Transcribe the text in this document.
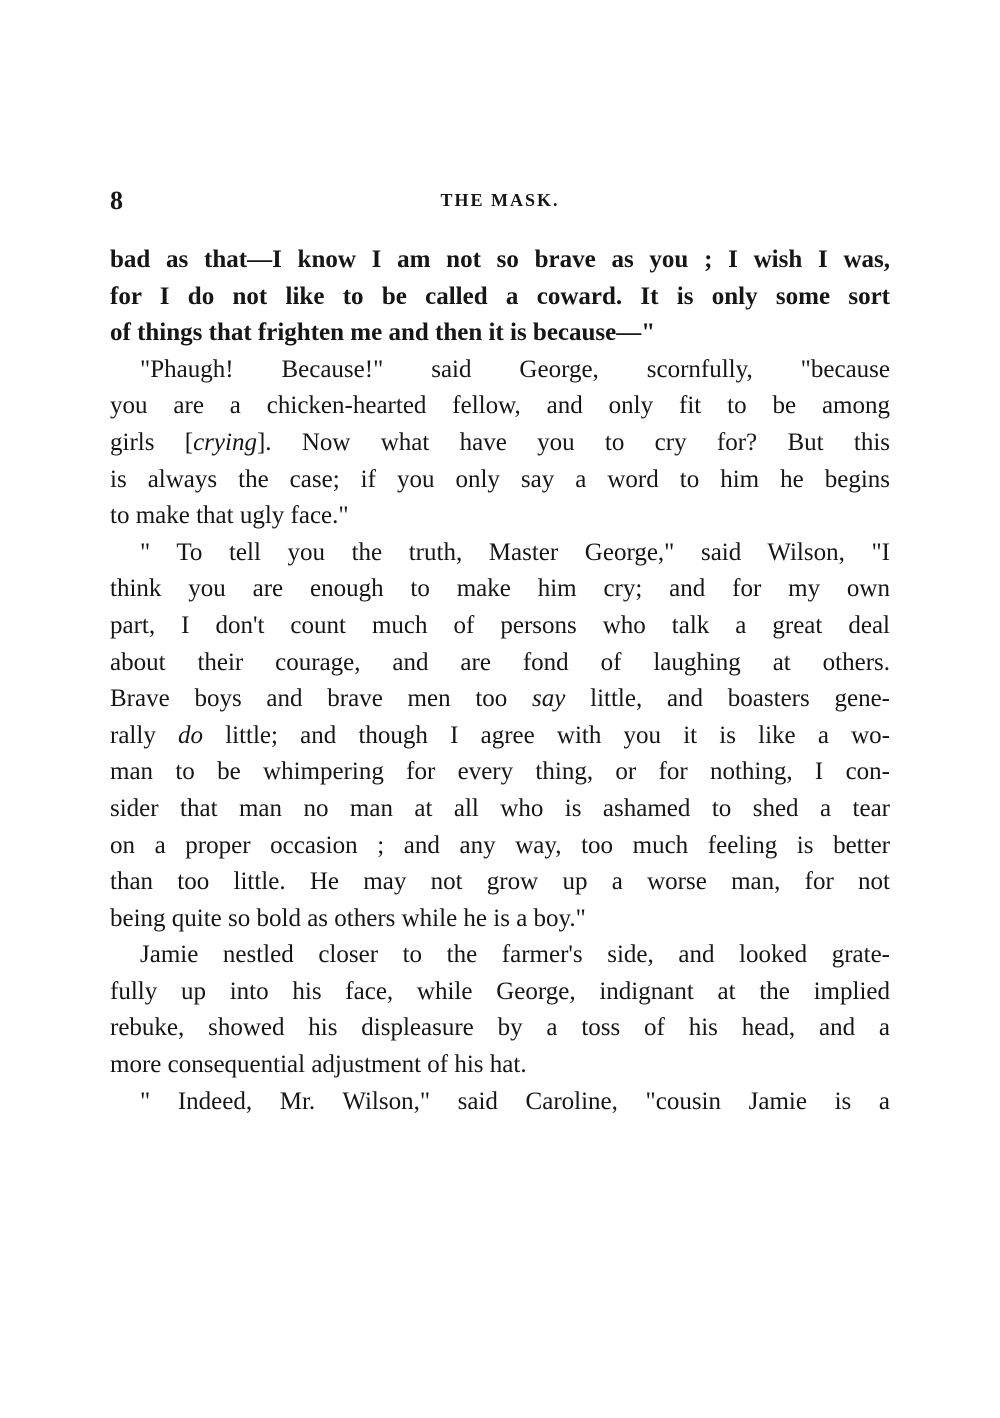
8	THE MASK.
bad as that—I know I am not so brave as you ; I wish I was,
for I do not like to be called a coward. It is only some sort
of things that frighten me and then it is because—"
"Phaugh! Because!" said George, scornfully, "because
you are a chicken-hearted fellow, and only fit to be among
girls [crying]. Now what have you to cry for? But this
is always the case; if you only say a word to him he begins
to make that ugly face."
" To tell you the truth, Master George," said Wilson, "I
think you are enough to make him cry; and for my own
part, I don't count much of persons who talk a great deal
about their courage, and are fond of laughing at others.
Brave boys and brave men too say little, and boasters gene-
rally do little; and though I agree with you it is like a wo-
man to be whimpering for every thing, or for nothing, I con-
sider that man no man at all who is ashamed to shed a tear
on a proper occasion ; and any way, too much feeling is better
than too little. He may not grow up a worse man, for not
being quite so bold as others while he is a boy."
Jamie nestled closer to the farmer's side, and looked grate-
fully up into his face, while George, indignant at the implied
rebuke, showed his displeasure by a toss of his head, and a
more consequential adjustment of his hat.
" Indeed, Mr. Wilson," said Caroline, "cousin Jamie is a
